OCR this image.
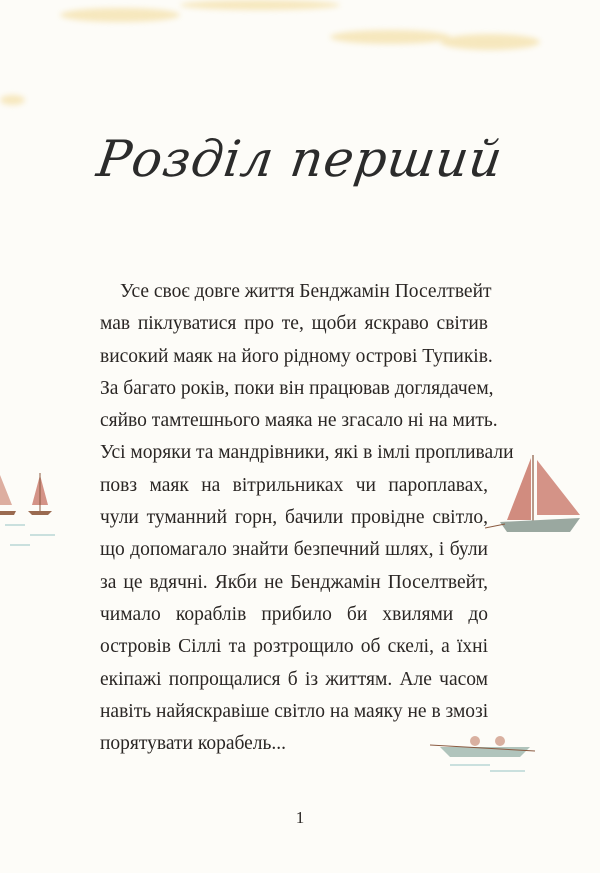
Розділ перший
Усе своє довге життя Бенджамін Поселтвейт
мав піклуватися про те, щоби яскраво світив
високий маяк на його рідному острові Тупиків.
За багато років, поки він працював доглядачем,
сяйво тамтешнього маяка не згасало ні на мить.
Усі моряки та мандрівники, які в імлі пропливали
повз маяк на вітрильниках чи пароплавах,
чули туманний горн, бачили провідне світло,
що допомагало знайти безпечний шлях, і були
за це вдячні. Якби не Бенджамін Поселтвейт,
чимало кораблів прибило би хвилями до
островів Сіллі та розтрощило об скелі, а їхні
екіпажі попрощалися б із життям. Але часом
навіть найяскравіше світло на маяку не в змозі
порятувати корабель...
1
